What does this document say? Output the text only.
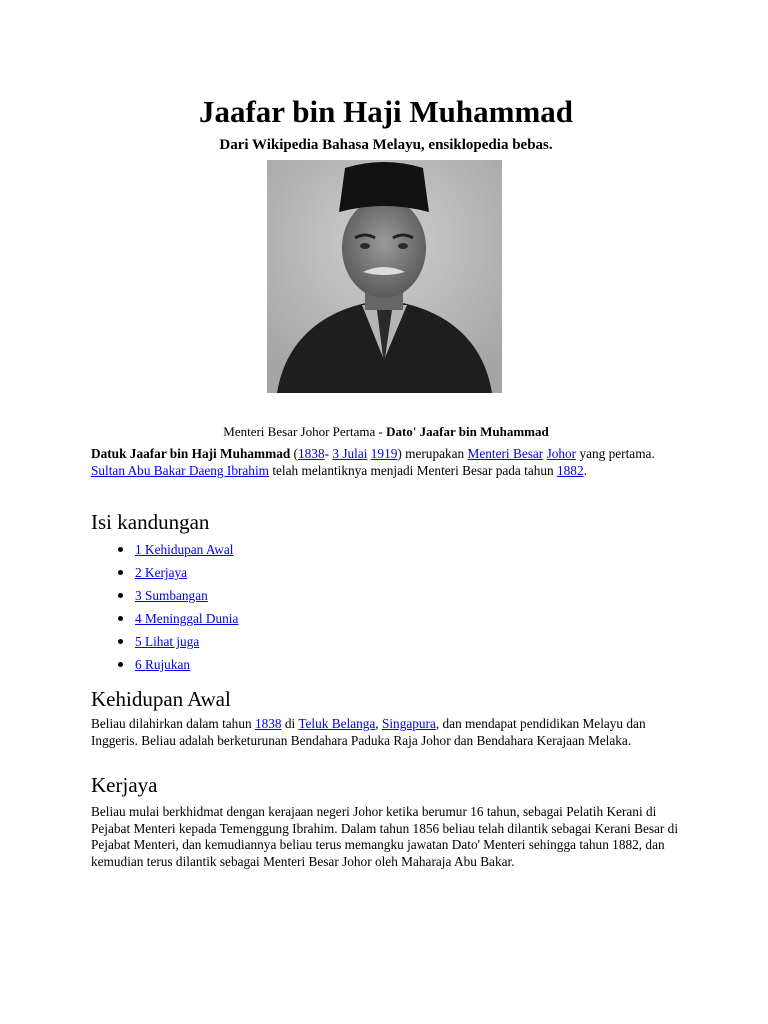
Jaafar bin Haji Muhammad

Dari Wikipedia Bahasa Melayu, ensiklopedia bebas.

Menteri Besar Johor Pertama - Dato' Jaafar bin Muhammad

Datuk Jaafar bin Haji Muhammad (1838- 3 Julai 1919) merupakan Menteri Besar Johor yang pertama. Sultan Abu Bakar Daeng Ibrahim telah melantiknya menjadi Menteri Besar pada tahun 1882.

Isi kandungan
1 Kehidupan Awal
2 Kerjaya
3 Sumbangan
4 Meninggal Dunia
5 Lihat juga
6 Rujukan
Kehidupan Awal

Beliau dilahirkan dalam tahun 1838 di Teluk Belanga, Singapura, dan mendapat pendidikan Melayu dan Inggeris. Beliau adalah berketurunan Bendahara Paduka Raja Johor dan Bendahara Kerajaan Melaka.

Kerjaya

Beliau mulai berkhidmat dengan kerajaan negeri Johor ketika berumur 16 tahun, sebagai Pelatih Kerani di Pejabat Menteri kepada Temenggung Ibrahim. Dalam tahun 1856 beliau telah dilantik sebagai Kerani Besar di Pejabat Menteri, dan kemudiannya beliau terus memangku jawatan Dato' Menteri sehingga tahun 1882, dan kemudian terus dilantik sebagai Menteri Besar Johor oleh Maharaja Abu Bakar.
